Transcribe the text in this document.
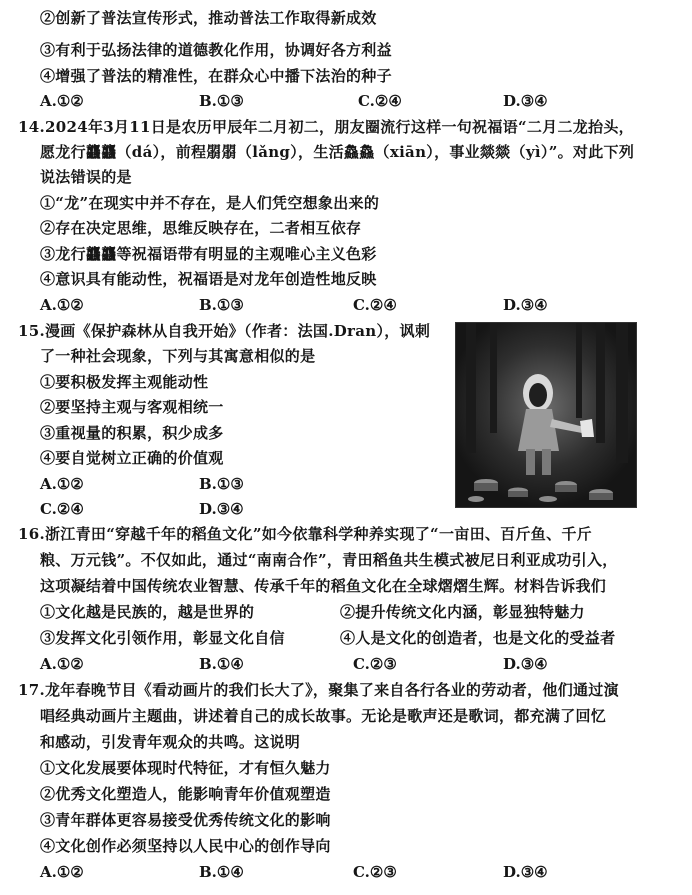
②创新了普法宣传形式，推动普法工作取得新成效
③有利于弘扬法律的道德教化作用，协调好各方利益
④增强了普法的精准性，在群众心中播下法治的种子
A.①②	B.①③	C.②④	D.③④
14.2024年3月11日是农历甲辰年二月初二，朋友圈流行这样一句祝福语“二月二龙抬头，
愿龙行龘龘（dá），前程朤朤（lǎng），生活鱻鱻（xiān），事业燚燚（yì）”。对此下列
说法错误的是
①“龙”在现实中并不存在，是人们凭空想象出来的
②存在决定思维，思维反映存在，二者相互依存
③龙行龘龘等祝福语带有明显的主观唯心主义色彩
④意识具有能动性，祝福语是对龙年创造性地反映
A.①②	B.①③	C.②④	D.③④
15.漫画《保护森林从自我开始》（作者：法国.Dran），讽刺
了一种社会现象，下列与其寓意相似的是
①要积极发挥主观能动性
②要坚持主观与客观相统一
③重视量的积累，积少成多
④要自觉树立正确的价值观
A.①②	B.①③
C.②④	D.③④
16.浙江青田“穿越千年的稻鱼文化”如今依靠科学种养实现了“一亩田、百斤鱼、千斤
粮、万元钱”。不仅如此，通过“南南合作”，青田稻鱼共生模式被尼日利亚成功引入，
这项凝结着中国传统农业智慧、传承千年的稻鱼文化在全球熠熠生辉。材料告诉我们
①文化越是民族的，越是世界的	②提升传统文化内涵，彰显独特魅力
③发挥文化引领作用，彰显文化自信	④人是文化的创造者，也是文化的受益者
A.①②	B.①④	C.②③	D.③④
17.龙年春晚节目《看动画片的我们长大了》，聚集了来自各行各业的劳动者，他们通过演
唱经典动画片主题曲，讲述着自己的成长故事。无论是歌声还是歌词，都充满了回忆
和感动，引发青年观众的共鸣。这说明
①文化发展要体现时代特征，才有恒久魅力
②优秀文化塑造人，能影响青年价值观塑造
③青年群体更容易接受优秀传统文化的影响
④文化创作必须坚持以人民中心的创作导向
A.①②	B.①④	C.②③	D.③④
